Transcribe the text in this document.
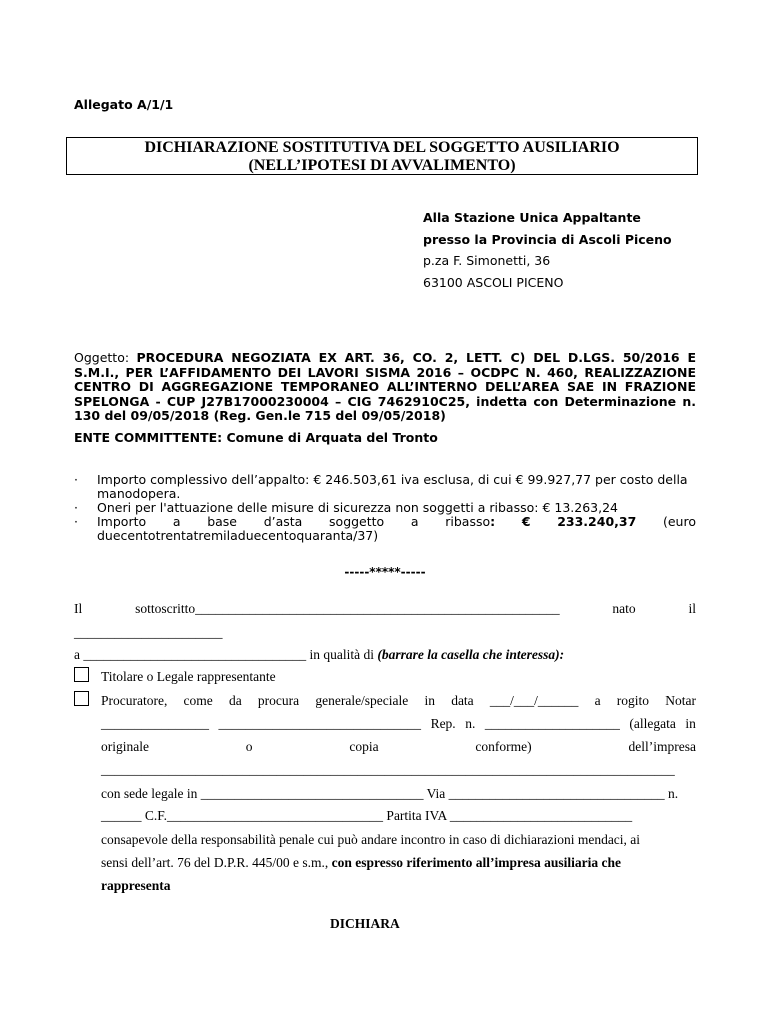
Allegato A/1/1
DICHIARAZIONE SOSTITUTIVA DEL SOGGETTO AUSILIARIO
(NELL’IPOTESI DI AVVALIMENTO)
Alla Stazione Unica Appaltante
presso la Provincia di Ascoli Piceno
p.za F. Simonetti, 36
63100 ASCOLI PICENO
Oggetto: PROCEDURA NEGOZIATA EX ART. 36, CO. 2, LETT. C) DEL D.LGS. 50/2016 E S.M.I., PER L’AFFIDAMENTO DEI LAVORI SISMA 2016 – OCDPC N. 460, REALIZZAZIONE CENTRO DI AGGREGAZIONE TEMPORANEO ALL’INTERNO DELL’AREA SAE IN FRAZIONE SPELONGA - CUP J27B17000230004 – CIG 7462910C25, indetta con Determinazione n. 130 del 09/05/2018 (Reg. Gen.le 715 del 09/05/2018)
ENTE COMMITTENTE: Comune di Arquata del Tronto
· Importo complessivo dell’appalto: € 246.503,61 iva esclusa, di cui € 99.927,77 per costo della manodopera.
· Oneri per l'attuazione delle misure di sicurezza non soggetti a ribasso: € 13.263,24
· Importo a base d’asta soggetto a ribasso: € 233.240,37 (euro
duecentotrentatremiladuecentoquaranta/37)
-----*****-----
Il	sottoscritto______________________________________________________	nato	il
______________________
a _________________________________ in qualità di (barrare la casella che interessa):
Titolare o Legale rappresentante
Procuratore, come da procura generale/speciale in data ___/___/______ a rogito Notar
________________ ______________________________ Rep. n. ____________________ (allegata in
originale	o	copia	conforme)	dell’impresa
_____________________________________________________________________________________
con sede legale in _________________________________ Via ________________________________ n.
______ C.F.________________________________ Partita IVA ___________________________
consapevole della responsabilità penale cui può andare incontro in caso di dichiarazioni mendaci, ai
sensi dell’art. 76 del D.P.R. 445/00 e s.m., con espresso riferimento all’impresa ausiliaria che
rappresenta
DICHIARA
